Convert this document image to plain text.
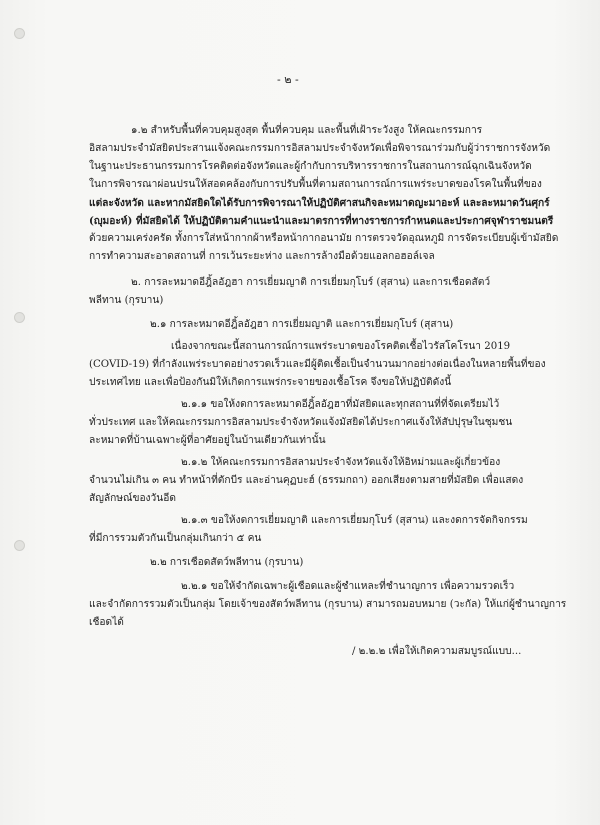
- ๒ -
๑.๒ สำหรับพื้นที่ควบคุมสูงสุด พื้นที่ควบคุม และพื้นที่เฝ้าระวังสูง ให้คณะกรรมการ
อิสลามประจำมัสยิดประสานแจ้งคณะกรรมการอิสลามประจำจังหวัดเพื่อพิจารณาร่วมกับผู้ว่าราชการจังหวัด
ในฐานะประธานกรรมการโรคติดต่อจังหวัดและผู้กำกับการบริหารราชการในสถานการณ์ฉุกเฉินจังหวัด
ในการพิจารณาผ่อนปรนให้สอดคล้องกับการปรับพื้นที่ตามสถานการณ์การแพร่ระบาดของโรคในพื้นที่ของ
แต่ละจังหวัด และหากมัสยิดใดได้รับการพิจารณาให้ปฏิบัติศาสนกิจละหมาดญะมาอะห์ และละหมาดวันศุกร์
(ญุมอะห์) ที่มัสยิดได้ ให้ปฏิบัติตามคำแนะนำและมาตรการที่ทางราชการกำหนดและประกาศจุฬาราชมนตรี
ด้วยความเคร่งครัด ทั้งการใส่หน้ากากผ้าหรือหน้ากากอนามัย การตรวจวัดอุณหภูมิ การจัดระเบียบผู้เข้ามัสยิด
การทำความสะอาดสถานที่ การเว้นระยะห่าง และการล้างมือด้วยแอลกอฮอล์เจล
๒. การละหมาดอีฎิ้ลอัฎฮา การเยี่ยมญาติ การเยี่ยมกุโบร์ (สุสาน) และการเชือดสัตว์
พลีทาน (กุรบาน)
๒.๑ การละหมาดอีฎิ้ลอัฎฮา การเยี่ยมญาติ และการเยี่ยมกุโบร์ (สุสาน)
เนื่องจากขณะนี้สถานการณ์การแพร่ระบาดของโรคติดเชื้อไวรัสโคโรนา 2019
(COVID-19) ที่กำลังแพร่ระบาดอย่างรวดเร็วและมีผู้ติดเชื้อเป็นจำนวนมากอย่างต่อเนื่องในหลายพื้นที่ของ
ประเทศไทย และเพื่อป้องกันมิให้เกิดการแพร่กระจายของเชื้อโรค จึงขอให้ปฏิบัติดังนี้
๒.๑.๑ ขอให้งดการละหมาดอีฎิ้ลอัฎฮาที่มัสยิดและทุกสถานที่ที่จัดเตรียมไว้
ทั่วประเทศ และให้คณะกรรมการอิสลามประจำจังหวัดแจ้งมัสยิดได้ประกาศแจ้งให้สัปปุรุษในชุมชน
ละหมาดที่บ้านเฉพาะผู้ที่อาศัยอยู่ในบ้านเดียวกันเท่านั้น
๒.๑.๒ ให้คณะกรรมการอิสลามประจำจังหวัดแจ้งให้อิหม่ามและผู้เกี่ยวข้อง
จำนวนไม่เกิน ๓ คน ทำหน้าที่ตักบีร และอ่านคุฏบะฮ์ (ธรรมกถา) ออกเสียงตามสายที่มัสยิด เพื่อแสดง
สัญลักษณ์ของวันอีด
๒.๑.๓ ขอให้งดการเยี่ยมญาติ และการเยี่ยมกุโบร์ (สุสาน) และงดการจัดกิจกรรม
ที่มีการรวมตัวกันเป็นกลุ่มเกินกว่า ๕ คน
๒.๒ การเชือดสัตว์พลีทาน (กุรบาน)
๒.๒.๑ ขอให้จำกัดเฉพาะผู้เชือดและผู้ชำแหละที่ชำนาญการ เพื่อความรวดเร็ว
และจำกัดการรวมตัวเป็นกลุ่ม โดยเจ้าของสัตว์พลีทาน (กุรบาน) สามารถมอบหมาย (วะกัล) ให้แก่ผู้ชำนาญการ
เชือดได้
/ ๒.๒.๒ เพื่อให้เกิดความสมบูรณ์แบบ...
